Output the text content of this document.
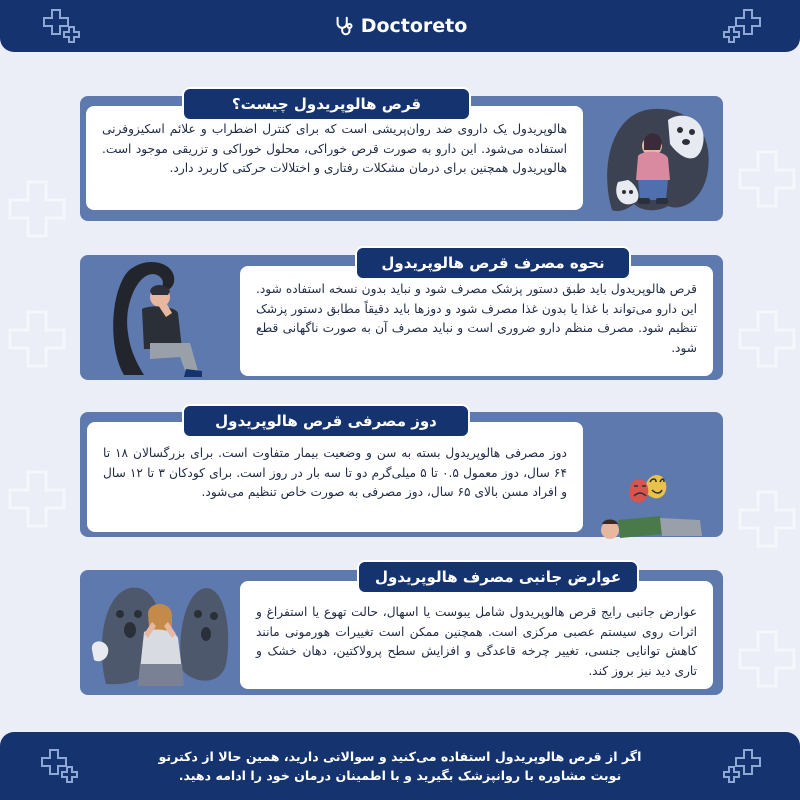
Doctoreto
هالوپریدول یک داروی ضد روان‌پریشی است که برای کنترل اضطراب و علائم اسکیزوفرنی استفاده می‌شود. این دارو به صورت قرص خوراکی، محلول خوراکی و تزریقی موجود است. هالوپریدول همچنین برای درمان مشکلات رفتاری و اختلالات حرکتی کاربرد دارد.
قرص هالوپریدول چیست؟
قرص هالوپریدول باید طبق دستور پزشک مصرف شود و نباید بدون نسخه استفاده شود. این دارو می‌تواند با غذا یا بدون غذا مصرف شود و دوزها باید دقیقاً مطابق دستور پزشک تنظیم شود. مصرف منظم دارو ضروری است و نباید مصرف آن به صورت ناگهانی قطع شود.
نحوه مصرف قرص هالوپریدول
دوز مصرفی هالوپریدول بسته به سن و وضعیت بیمار متفاوت است. برای بزرگسالان ۱۸ تا ۶۴ سال، دوز معمول ۰.۵ تا ۵ میلی‌گرم دو تا سه بار در روز است. برای کودکان ۳ تا ۱۲ سال و افراد مسن بالای ۶۵ سال، دوز مصرفی به صورت خاص تنظیم می‌شود.
دوز مصرفی قرص هالوپریدول
عوارض جانبی رایج قرص هالوپریدول شامل یبوست یا اسهال، حالت تهوع یا استفراغ و اثرات روی سیستم عصبی مرکزی است. همچنین ممکن است تغییرات هورمونی مانند کاهش توانایی جنسی، تغییر چرخه قاعدگی و افزایش سطح پرولاکتین، دهان خشک و تاری دید نیز بروز کند.
عوارض جانبی مصرف هالوپریدول
اگر از قرص هالوپریدول استفاده می‌کنید و سوالاتی دارید، همین حالا از دکترتو
نوبت مشاوره با روانپزشک بگیرید و با اطمینان درمان خود را ادامه دهید.
